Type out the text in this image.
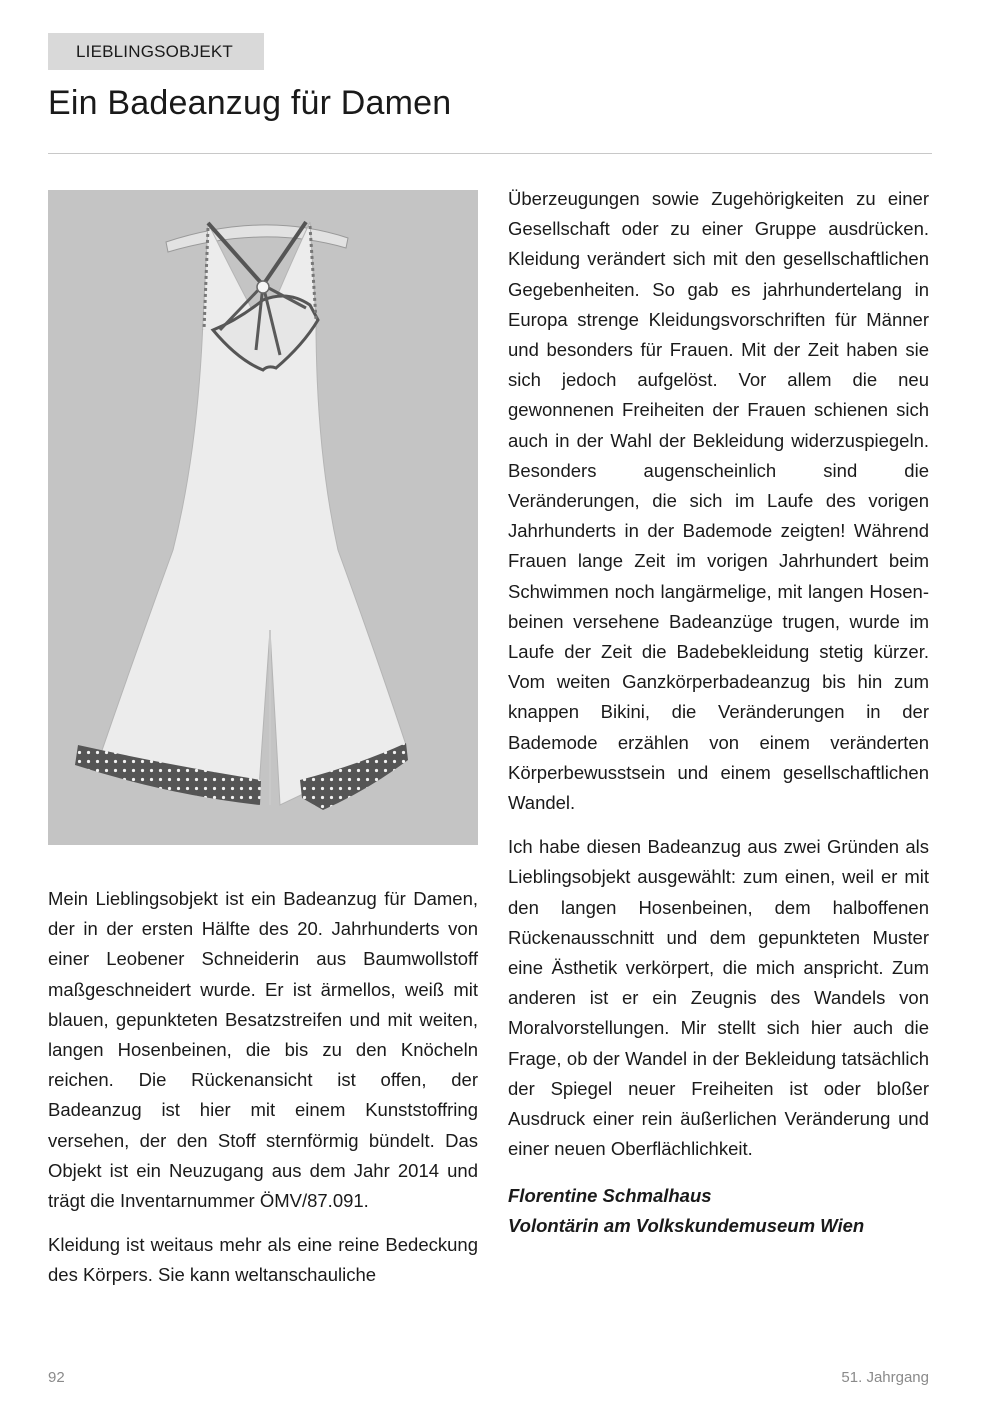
LIEBLINGSOBJEKT
Ein Badeanzug für Damen

Mein Lieblingsobjekt ist ein Badeanzug für Damen, der in der ersten Hälfte des 20. Jahrhunderts von einer Leobener Schneiderin aus Baumwollstoff maßgeschneidert wurde. Er ist ärmellos, weiß mit blauen, gepunkteten Besatzstreifen und mit weiten, langen Hosenbeinen, die bis zu den Knöcheln reichen. Die Rückenansicht ist offen, der Badeanzug ist hier mit einem Kunststoffring versehen, der den Stoff sternförmig bündelt. Das Objekt ist ein Neuzugang aus dem Jahr 2014 und trägt die Inventarnummer ÖMV/87.091.

Kleidung ist weitaus mehr als eine reine Bedeckung des Körpers. Sie kann weltanschauliche

Überzeugungen sowie Zugehörigkeiten zu einer Gesellschaft oder zu einer Gruppe ausdrücken. Kleidung verändert sich mit den gesellschaftlichen Gegebenheiten. So gab es jahrhundertelang in Europa strenge Kleidungsvorschriften für Männer und besonders für Frauen. Mit der Zeit haben sie sich jedoch aufgelöst. Vor allem die neu gewonnenen Freiheiten der Frauen schienen sich auch in der Wahl der Bekleidung widerzuspiegeln. Besonders augenscheinlich sind die Veränderungen, die sich im Laufe des vorigen Jahrhunderts in der Bademode zeigten! Während Frauen lange Zeit im vorigen Jahrhundert beim Schwimmen noch langärmelige, mit langen Hosenbeinen versehene Badeanzüge trugen, wurde im Laufe der Zeit die Badebekleidung stetig kürzer. Vom weiten Ganzkörperbadeanzug bis hin zum knappen Bikini, die Veränderungen in der Bademode erzählen von einem veränderten Körperbewusstsein und einem gesellschaftlichen Wandel.

Ich habe diesen Badeanzug aus zwei Gründen als Lieblingsobjekt ausgewählt: zum einen, weil er mit den langen Hosenbeinen, dem halboffenen Rückenausschnitt und dem gepunkteten Muster eine Ästhetik verkörpert, die mich anspricht. Zum anderen ist er ein Zeugnis des Wandels von Moralvorstellungen. Mir stellt sich hier auch die Frage, ob der Wandel in der Bekleidung tatsächlich der Spiegel neuer Freiheiten ist oder bloßer Ausdruck einer rein äußerlichen Veränderung und einer neuen Oberflächlichkeit.

Florentine Schmalhaus
Volontärin am Volkskundemuseum Wien
92	51. Jahrgang
